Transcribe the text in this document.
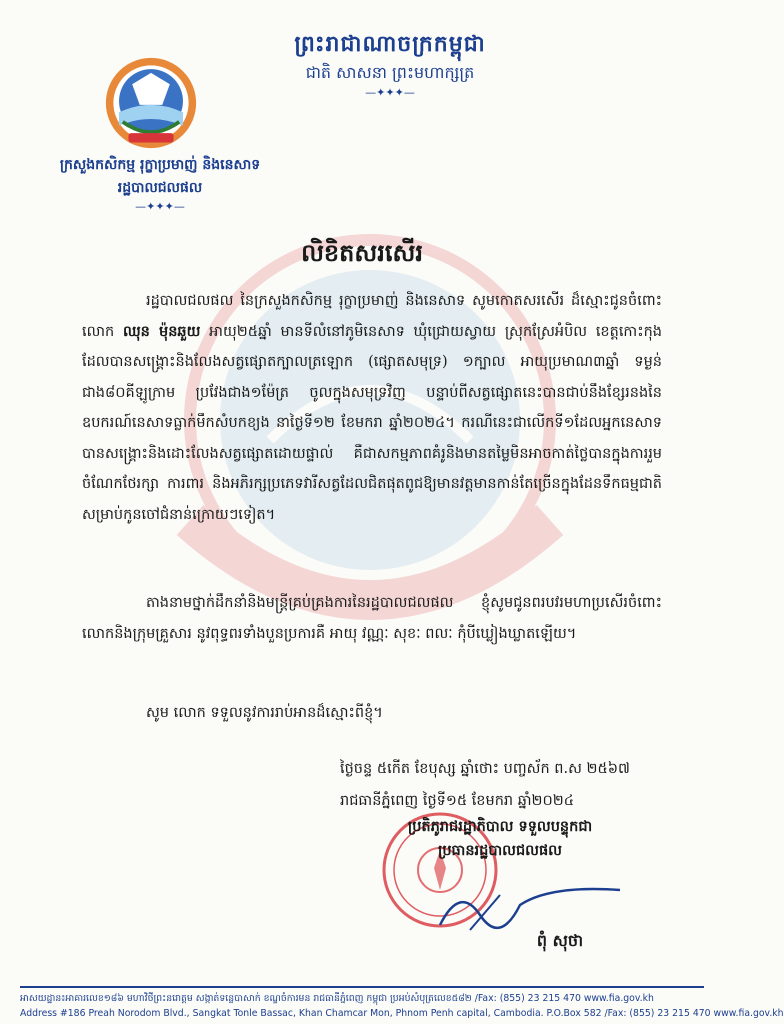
ព្រះរាជាណាចក្រកម្ពុជា
ជាតិ សាសនា ព្រះមហាក្សត្រ
—✦✦✦—
ក្រសួងកសិកម្ម រុក្ខាប្រមាញ់ និងនេសាទ
រដ្ឋបាលជលផល
—✦✦✦—
លិខិតសរសើរ
រដ្ឋបាលជលផល នៃក្រសួងកសិកម្ម រុក្ខាប្រមាញ់ និងនេសាទ សូមកោតសរសើរ ដ៏ស្មោះជូនចំពោះ លោក ឈុន ម៉ុនឆួយ អាយុ២៥ឆ្នាំ មានទីលំនៅភូមិនេសាទ ឃុំជ្រោយស្វាយ ស្រុកស្រែអំបិល ខេត្តកោះកុង ដែលបានសង្គ្រោះនិងលែងសត្វផ្សោតក្បាលត្រឡោក (ផ្សោតសមុទ្រ) ១ក្បាល អាយុប្រមាណ៣ឆ្នាំ ទម្ងន់ជាង៨០គីឡូក្រាម ប្រវែងជាង១ម៉ែត្រ ចូលក្នុងសមុទ្រវិញ បន្ទាប់ពីសត្វផ្សោតនេះបានជាប់នឹងខ្សែរនងនៃឧបករណ៍នេសាទធ្លាក់មឹកសំបកខ្យង នាថ្ងៃទី១២ ខែមករា ឆ្នាំ២០២៤។ ករណីនេះជាលើកទី១ដែលអ្នកនេសាទបានសង្គ្រោះនិងដោះលែងសត្វផ្សោតដោយផ្ទាល់ គឺជាសកម្មភាពគំរូនិងមានតម្លៃមិនអាចកាត់ថ្លៃបានក្នុងការរួមចំណែកថែរក្សា ការពារ និងអភិរក្សប្រភេទវារីសត្វដែលជិតផុតពូជឱ្យមានវត្តមានកាន់តែច្រើនក្នុងដែនទឹកធម្មជាតិ សម្រាប់កូនចៅជំនាន់ក្រោយៗទៀត។
តាងនាមថ្នាក់ដឹកនាំនិងមន្ត្រីគ្រប់គ្រងការនៃរដ្ឋបាលជលផល ខ្ញុំសូមជូនពរបវរមហាប្រសើរចំពោះលោកនិងក្រុមគ្រួសារ នូវពុទ្ធពរទាំងបួនប្រការគឺ អាយុ វណ្ណៈ សុខៈ ពលៈ កុំបីឃ្លៀងឃ្លាតឡើយ។
សូម លោក ទទួលនូវការរាប់អានដ៏ស្មោះពីខ្ញុំ។
ថ្ងៃចន្ទ ៥កើត ខែបុស្ស ឆ្នាំថោះ បញ្ចស័ក ព.ស ២៥៦៧
រាជធានីភ្នំពេញ ថ្ងៃទី១៥ ខែមករា ឆ្នាំ២០២៤
ប្រតិភូរាជរដ្ឋាភិបាល ទទួលបន្ទុកជា
ប្រធានរដ្ឋបាលជលផល
ពុំ សុថា
អាសយដ្ឋាន៖អាគារលេខ១៨៦ មហាវិថីព្រះនរោត្តម សង្កាត់ទន្លេបាសាក់ ខណ្ឌចំការមន រាជធានីភ្នំពេញ កម្ពុជា ប្រអប់សំបុត្រលេខ៥៨២ /Fax: (855) 23 215 470 www.fia.gov.kh
Address #186 Preah Norodom Blvd., Sangkat Tonle Bassac, Khan Chamcar Mon, Phnom Penh capital, Cambodia. P.O.Box 582 /Fax: (855) 23 215 470 www.fia.gov.kh
